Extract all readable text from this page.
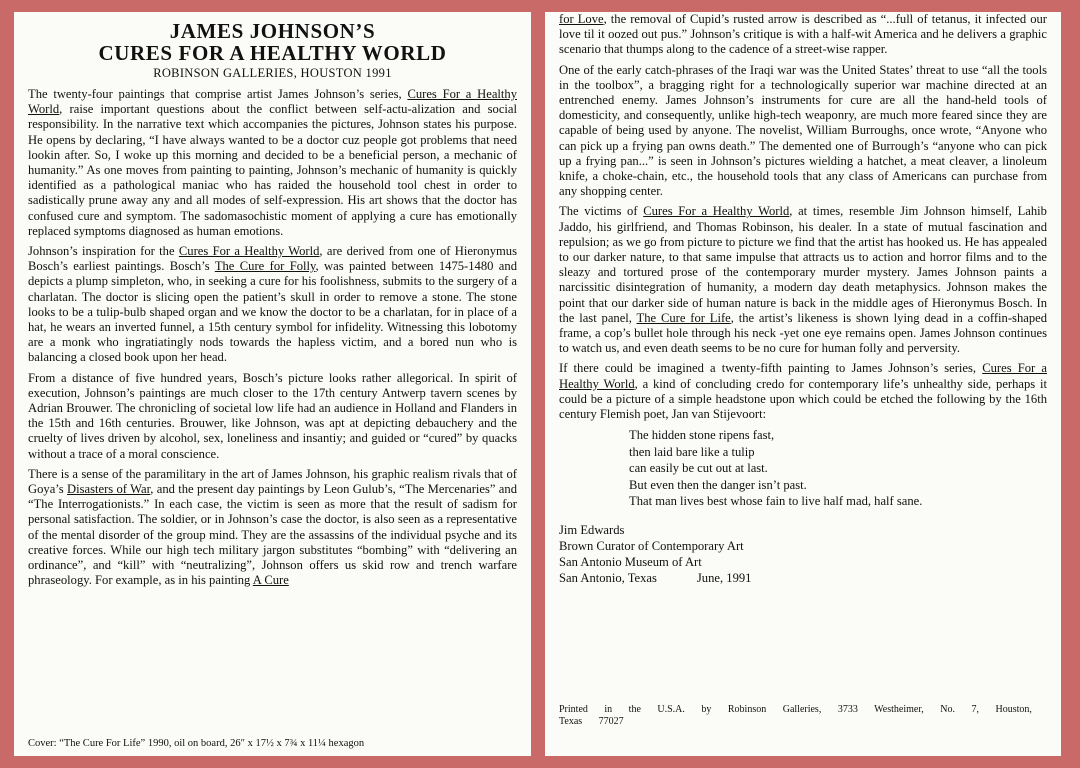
JAMES JOHNSON’S
CURES FOR A HEALTHY WORLD
ROBINSON GALLERIES, HOUSTON 1991

The twenty-four paintings that comprise artist James Johnson’s series, Cures For a Healthy World, raise important questions about the conflict between self-actu-alization and social responsibility. In the narrative text which accompanies the pictures, Johnson states his purpose. He opens by declaring, “I have always wanted to be a doctor cuz people got problems that need lookin after. So, I woke up this morning and decided to be a beneficial person, a mechanic of humanity.” As one moves from painting to painting, Johnson’s mechanic of humanity is quickly identified as a pathological maniac who has raided the household tool chest in order to sadistically prune away any and all modes of self-expression. His art shows that the doctor has confused cure and symptom. The sadomasochistic moment of applying a cure has emotionally replaced symptoms diagnosed as human emotions.

Johnson’s inspiration for the Cures For a Healthy World, are derived from one of Hieronymus Bosch’s earliest paintings. Bosch’s The Cure for Folly, was painted between 1475-1480 and depicts a plump simpleton, who, in seeking a cure for his foolishness, submits to the surgery of a charlatan. The doctor is slicing open the patient’s skull in order to remove a stone. The stone looks to be a tulip-bulb shaped organ and we know the doctor to be a charlatan, for in place of a hat, he wears an inverted funnel, a 15th century symbol for infidelity. Witnessing this lobotomy are a monk who ingratiatingly nods towards the hapless victim, and a bored nun who is balancing a closed book upon her head.

From a distance of five hundred years, Bosch’s picture looks rather allegorical. In spirit of execution, Johnson’s paintings are much closer to the 17th century Antwerp tavern scenes by Adrian Brouwer. The chronicling of societal low life had an audience in Holland and Flanders in the 15th and 16th centuries. Brouwer, like Johnson, was apt at depicting debauchery and the cruelty of lives driven by alcohol, sex, loneliness and insantiy; and guided or “cured” by quacks without a trace of a moral conscience.

There is a sense of the paramilitary in the art of James Johnson, his graphic realism rivals that of Goya’s Disasters of War, and the present day paintings by Leon Gulub’s, “The Mercenaries” and “The Interrogationists.” In each case, the victim is seen as more that the result of sadism for personal satisfaction. The soldier, or in Johnson’s case the doctor, is also seen as a representative of the mental disorder of the group mind. They are the assassins of the individual psyche and its creative forces. While our high tech military jargon substitutes “bombing” with “delivering an ordinance”, and “kill” with “neutralizing”, Johnson offers us skid row and trench warfare phraseology. For example, as in his painting A Cure

Cover: “The Cure For Life” 1990, oil on board, 26″ x 17½ x 7¾ x 11¼ hexagon

for Love, the removal of Cupid’s rusted arrow is described as “...full of tetanus, it infected our love til it oozed out pus.” Johnson’s critique is with a half-wit America and he delivers a graphic scenario that thumps along to the cadence of a street-wise rapper.

One of the early catch-phrases of the Iraqi war was the United States’ threat to use “all the tools in the toolbox”, a bragging right for a technologically superior war machine directed at an entrenched enemy. James Johnson’s instruments for cure are all the hand-held tools of domesticity, and consequently, unlike high-tech weaponry, are much more feared since they are capable of being used by anyone. The novelist, William Burroughs, once wrote, “Anyone who can pick up a frying pan owns death.” The demented one of Burrough’s “anyone who can pick up a frying pan...” is seen in Johnson’s pictures wielding a hatchet, a meat cleaver, a linoleum knife, a choke-chain, etc., the household tools that any class of Americans can purchase from any shopping center.

The victims of Cures For a Healthy World, at times, resemble Jim Johnson himself, Lahib Jaddo, his girlfriend, and Thomas Robinson, his dealer. In a state of mutual fascination and repulsion; as we go from picture to picture we find that the artist has hooked us. He has appealed to our darker nature, to that same impulse that attracts us to action and horror films and to the sleazy and tortured prose of the contemporary murder mystery. James Johnson paints a narcissitic disintegration of humanity, a modern day death metaphysics. Johnson makes the point that our darker side of human nature is back in the middle ages of Hieronymus Bosch. In the last panel, The Cure for Life, the artist’s likeness is shown lying dead in a coffin-shaped frame, a cop’s bullet hole through his neck -yet one eye remains open. James Johnson continues to watch us, and even death seems to be no cure for human folly and perversity.

If there could be imagined a twenty-fifth painting to James Johnson’s series, Cures For a Healthy World, a kind of concluding credo for contemporary life’s unhealthy side, perhaps it could be a picture of a simple headstone upon which could be etched the following by the 16th century Flemish poet, Jan van Stijevoort:

The hidden stone ripens fast,
then laid bare like a tulip
can easily be cut out at last.
But even then the danger isn’t past.
That man lives best whose fain to live half mad, half sane.
Jim Edwards
Brown Curator of Contemporary Art
San Antonio Museum of Art
San Antonio, Texas	June, 1991
Printed in the U.S.A. by Robinson Galleries, 3733 Westheimer, No. 7, Houston, Texas 77027
